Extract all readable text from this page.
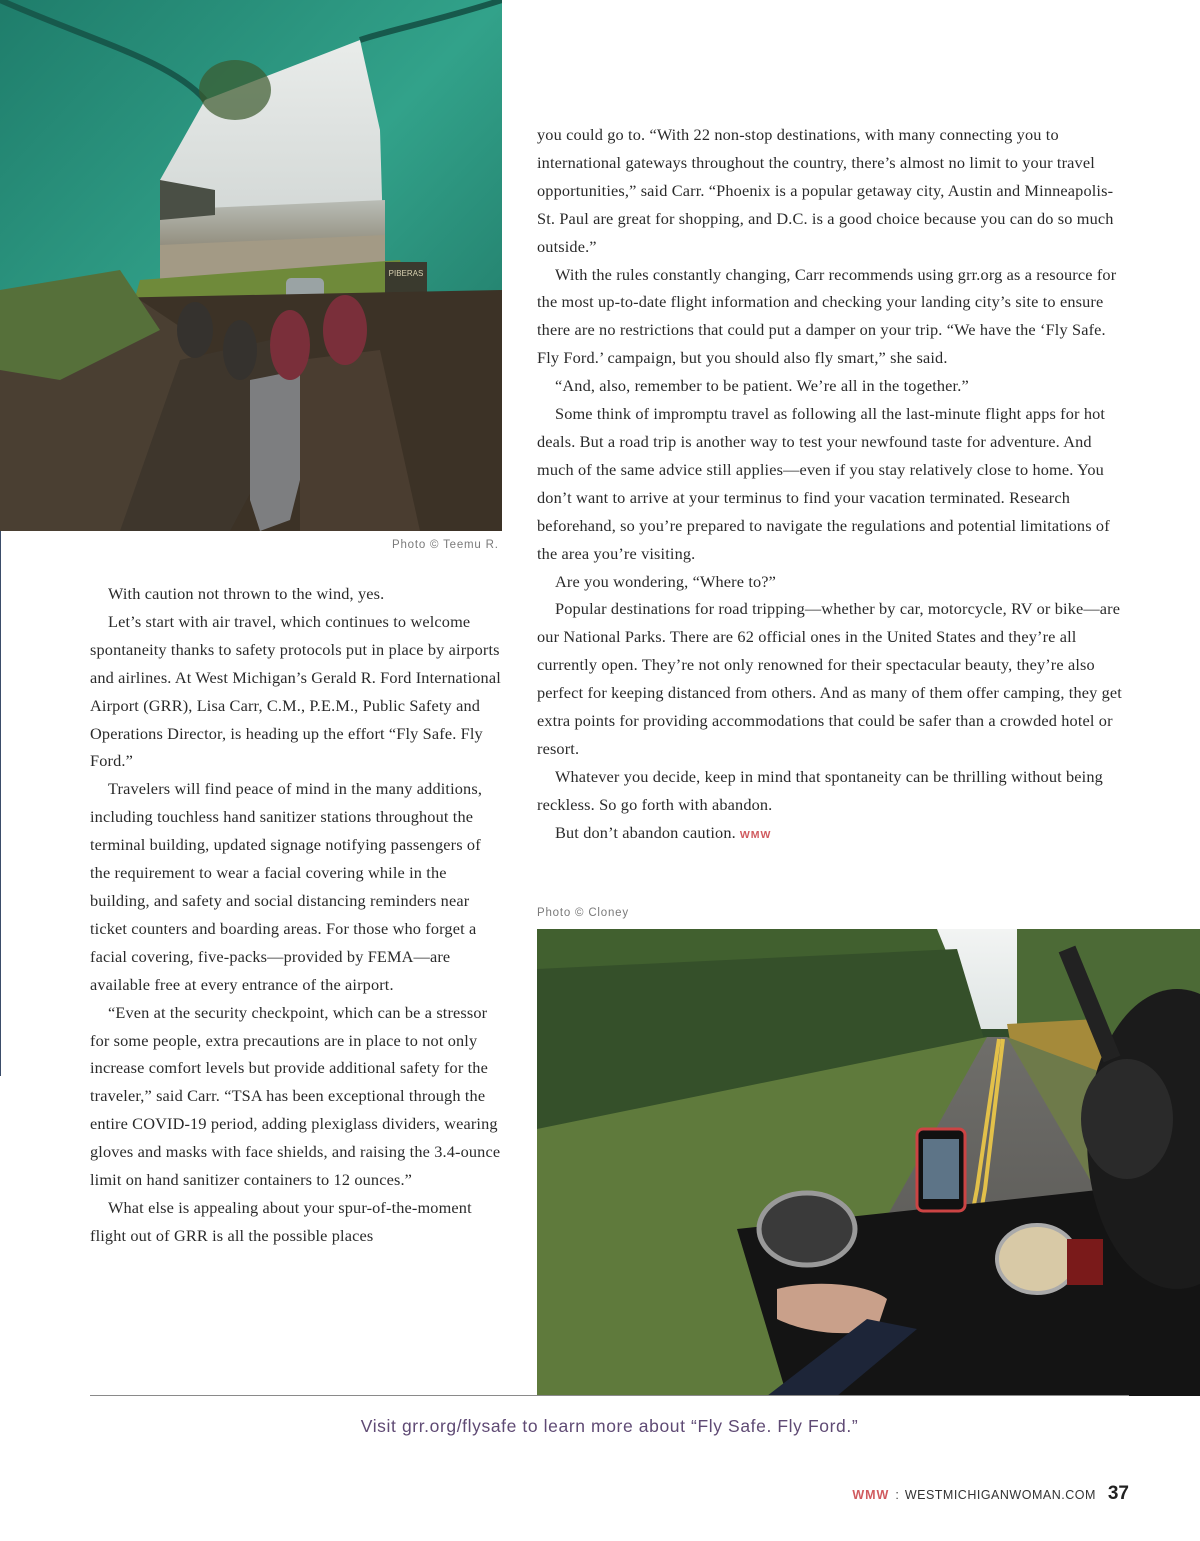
PIBERAS
Photo © Teemu R.

With caution not thrown to the wind, yes.

Let’s start with air travel, which continues to welcome spontaneity thanks to safety protocols put in place by airports and airlines. At West Michigan’s Gerald R. Ford International Airport (GRR), Lisa Carr, C.M., P.E.M., Public Safety and Operations Director, is heading up the effort “Fly Safe. Fly Ford.”

Travelers will find peace of mind in the many additions, including touchless hand sanitizer stations throughout the terminal building, updated signage notifying passengers of the requirement to wear a facial covering while in the building, and safety and social distancing reminders near ticket counters and boarding areas. For those who forget a facial covering, five-packs—provided by FEMA—are available free at every entrance of the airport.

“Even at the security checkpoint, which can be a stressor for some people, extra precautions are in place to not only increase comfort levels but provide additional safety for the traveler,” said Carr. “TSA has been exceptional through the entire COVID-19 period, adding plexiglass dividers, wearing gloves and masks with face shields, and raising the 3.4-ounce limit on hand sanitizer containers to 12 ounces.”

What else is appealing about your spur-of-the-moment flight out of GRR is all the possible places

you could go to. “With 22 non-stop destinations, with many connecting you to international gateways throughout the country, there’s almost no limit to your travel opportunities,” said Carr. “Phoenix is a popular getaway city, Austin and Minneapolis-St. Paul are great for shopping, and D.C. is a good choice because you can do so much outside.”

With the rules constantly changing, Carr recommends using grr.org as a resource for the most up-to-date flight information and checking your landing city’s site to ensure there are no restrictions that could put a damper on your trip. “We have the ‘Fly Safe. Fly Ford.’ campaign, but you should also fly smart,” she said.

“And, also, remember to be patient. We’re all in the together.”

Some think of impromptu travel as following all the last-minute flight apps for hot deals. But a road trip is another way to test your newfound taste for adventure. And much of the same advice still applies—even if you stay relatively close to home. You don’t want to arrive at your terminus to find your vacation terminated. Research beforehand, so you’re prepared to navigate the regulations and potential limitations of the area you’re visiting.

Are you wondering, “Where to?”

Popular destinations for road tripping—whether by car, motorcycle, RV or bike—are our National Parks. There are 62 official ones in the United States and they’re all currently open. They’re not only renowned for their spectacular beauty, they’re also perfect for keeping distanced from others. And as many of them offer camping, they get extra points for providing accommodations that could be safer than a crowded hotel or resort.

Whatever you decide, keep in mind that spontaneity can be thrilling without being reckless. So go forth with abandon.

But don’t abandon caution. WMW

Photo © Cloney
Visit grr.org/flysafe to learn more about “Fly Safe. Fly Ford.”
WMW : WESTMICHIGANWOMAN.COM 37
